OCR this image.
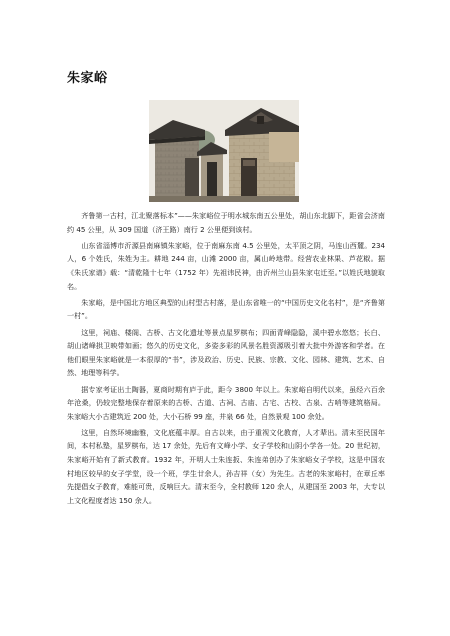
朱家峪

齐鲁第一古村，江北聚落标本”——朱家峪位于明水城东南五公里处，胡山东北脚下，距省会济南约 45 公里，从 309 国道（济王路）南行 2 公里便到该村。

山东省淄博市沂源县南麻镇朱家峪，位于南麻东南 4.5 公里处，太平顶之阴，马连山西麓。234 人，6 个姓氏，朱姓为主。耕地 244 亩，山滩 2000 亩，属山岭地带。经营农业林果、芦花椒。据《朱氏家谱》载：“清乾隆十七年（1752 年）先祖讳民神，由沂州兰山县朱家屯迁至。”以姓氏地貌取名。

朱家峪，是中国北方地区典型的山村型古村落，是山东省唯一的“中国历史文化名村”，是“齐鲁第一村”。

这里，祠庙、楼阁、古桥、古文化遗址等景点星罗棋布；四面青峰隐隐，溪中碧水悠悠；长白、胡山诸峰拱卫映带如画；悠久的历史文化，多姿多彩的风景名胜资源吸引着大批中外游客和学者。在他们眼里朱家峪就是一本很厚的“书”，涉及政治、历史、民族、宗教、文化、园林、建筑、艺术、自然、地理等科学。

据专家考证出土陶器，夏商时期有庐于此，距今 3800 年以上。朱家峪自明代以来，虽经六百余年沧桑，仍较完整地保存着原来的古桥、古道、古祠、古庙、古宅、古校、古泉、古哨等建筑格局。朱家峪大小古建筑近 200 处，大小石桥 99 座，井泉 66 处，自然景观 100 余处。

这里，自然环境幽雅，文化底蕴丰厚。自古以来，由于重视文化教育，人才辈出。清末至民国年间，本村私塾，星罗棋布，达 17 余处，先后有文峰小学、女子学校和山阴小学各一处。20 世纪初，朱家峪开始有了新式教育。1932 年，开明人士朱连扳、朱连弟创办了朱家峪女子学校，这是中国农村地区较早的女子学堂，设一个班，学生廿余人，孙吉祥（女）为先生。古老的朱家峪村，在章丘率先提倡女子教育，难能可贵，反响巨大。清末至今，全村教师 120 余人，从建国至 2003 年，大专以上文化程度者达 150 余人。
